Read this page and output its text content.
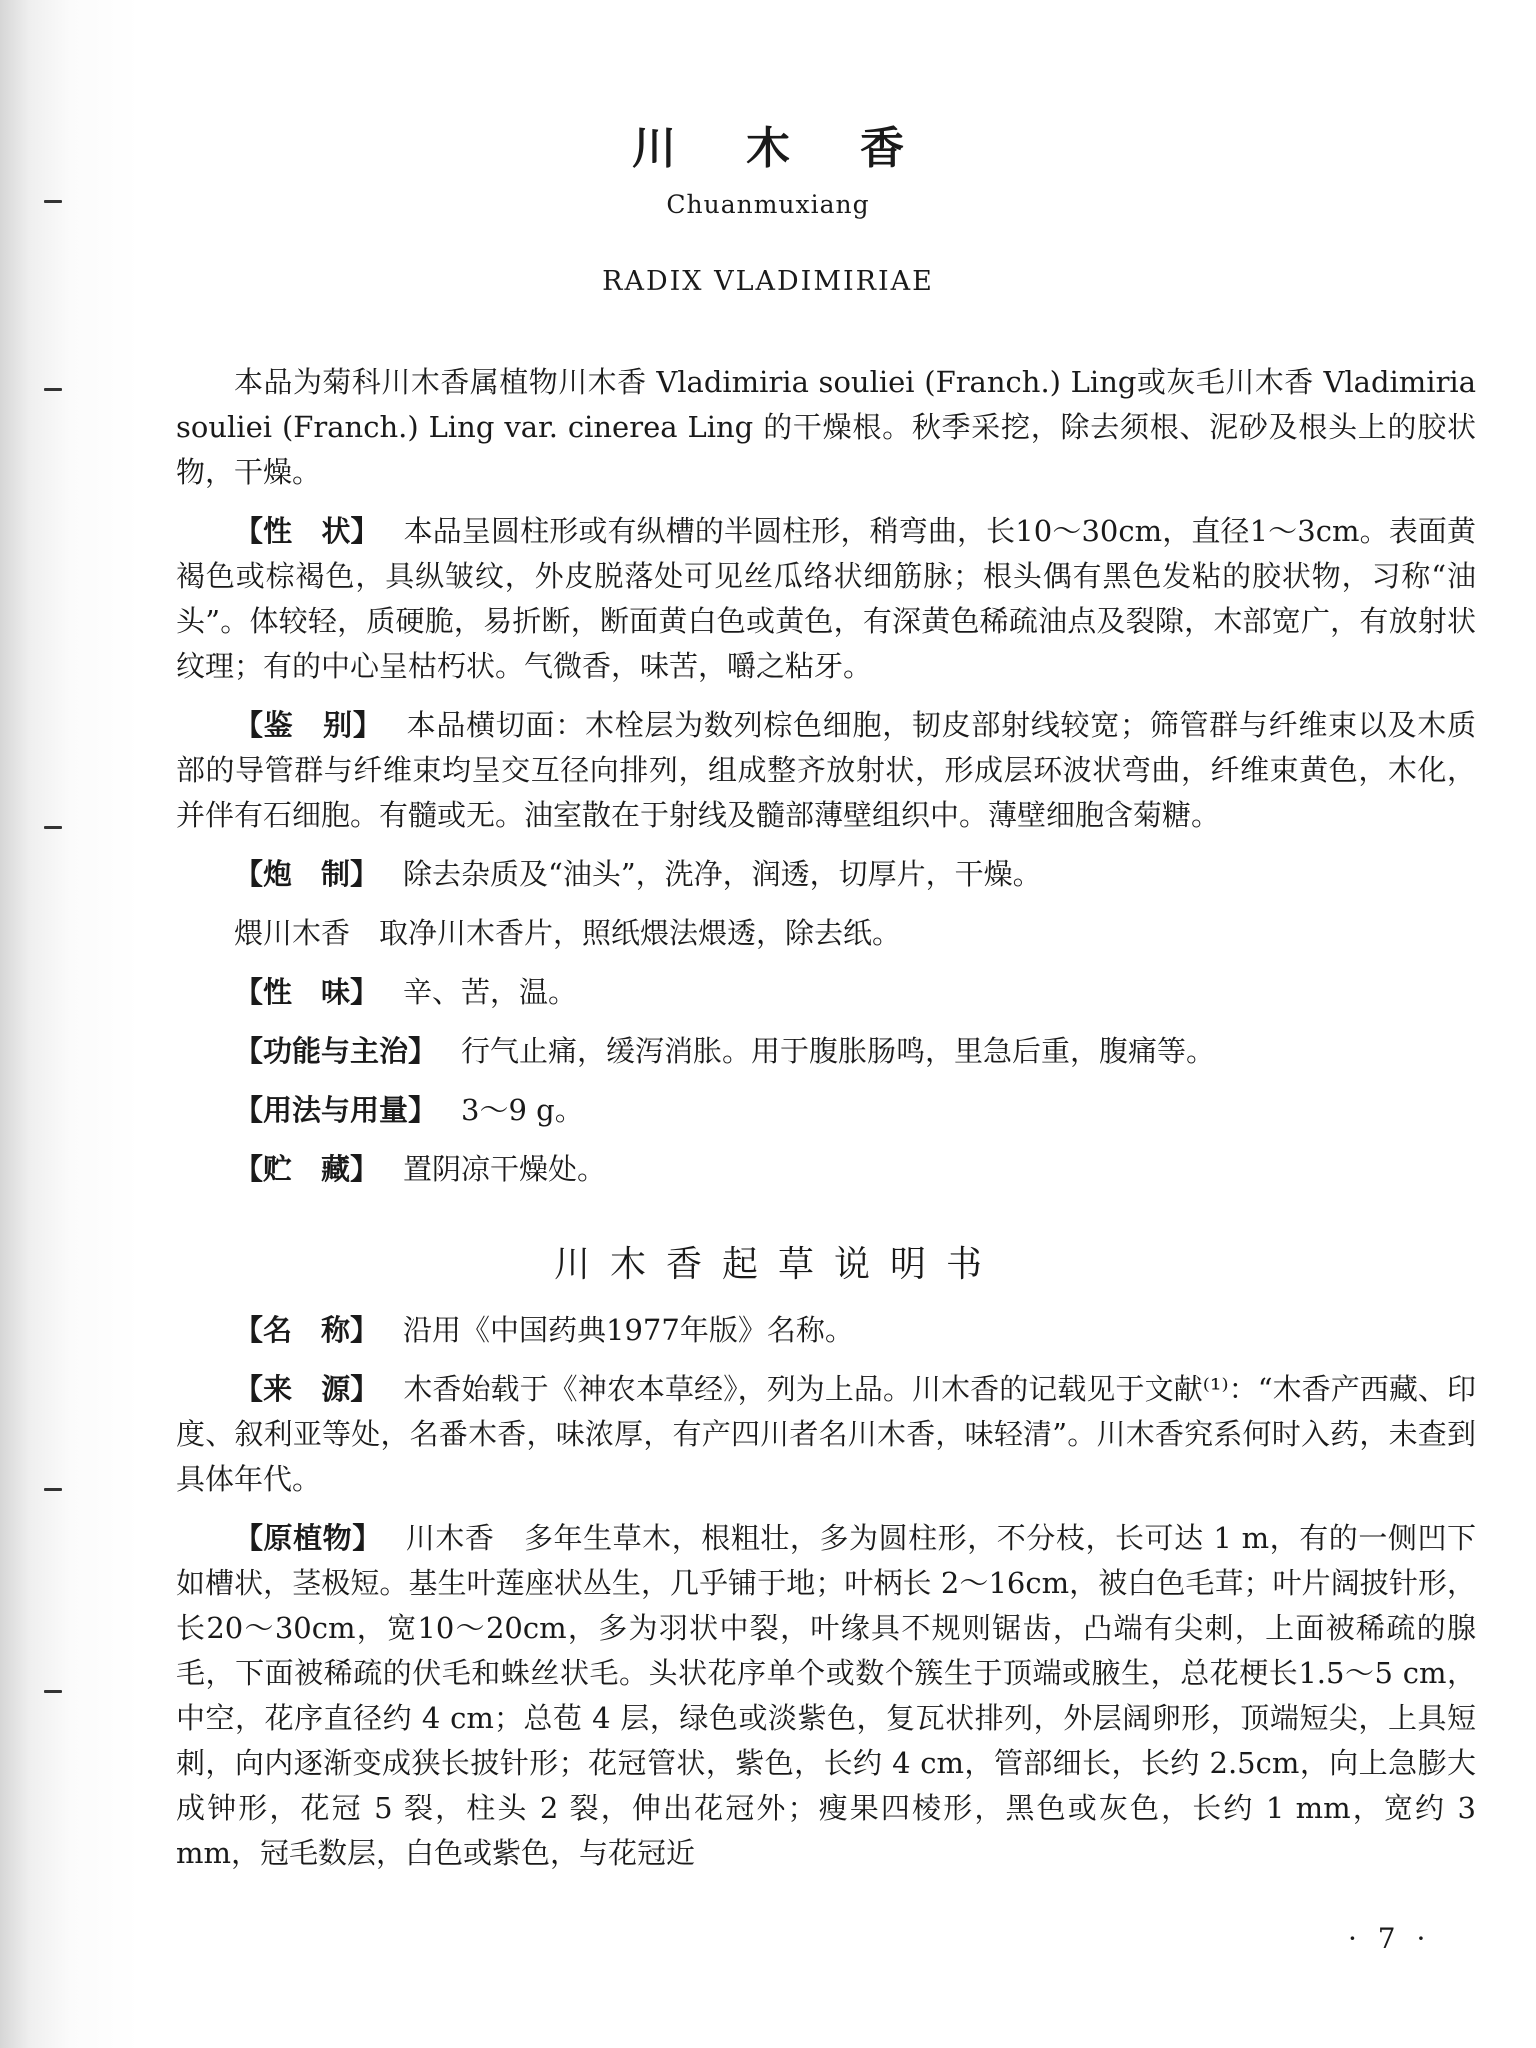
川木香
Chuanmuxiang
RADIX VLADIMIRIAE

本品为菊科川木香属植物川木香 Vladimiria souliei (Franch.) Ling或灰毛川木香 Vladimiria souliei (Franch.) Ling var. cinerea Ling 的干燥根。秋季采挖，除去须根、泥砂及根头上的胶状物，干燥。

【性　状】 本品呈圆柱形或有纵槽的半圆柱形，稍弯曲，长10～30cm，直径1～3cm。表面黄褐色或棕褐色，具纵皱纹，外皮脱落处可见丝瓜络状细筋脉；根头偶有黑色发粘的胶状物，习称“油头”。体较轻，质硬脆，易折断，断面黄白色或黄色，有深黄色稀疏油点及裂隙，木部宽广，有放射状纹理；有的中心呈枯朽状。气微香，味苦，嚼之粘牙。

【鉴　别】 本品横切面：木栓层为数列棕色细胞，韧皮部射线较宽；筛管群与纤维束以及木质部的导管群与纤维束均呈交互径向排列，组成整齐放射状，形成层环波状弯曲，纤维束黄色，木化，并伴有石细胞。有髓或无。油室散在于射线及髓部薄壁组织中。薄壁细胞含菊糖。

【炮　制】 除去杂质及“油头”，洗净，润透，切厚片，干燥。

煨川木香　取净川木香片，照纸煨法煨透，除去纸。

【性　味】 辛、苦，温。

【功能与主治】 行气止痛，缓泻消胀。用于腹胀肠鸣，里急后重，腹痛等。

【用法与用量】 3～9 g。

【贮　藏】 置阴凉干燥处。

川木香起草说明书

【名　称】 沿用《中国药典1977年版》名称。

【来　源】 木香始载于《神农本草经》，列为上品。川木香的记载见于文献⁽¹⁾：“木香产西藏、印度、叙利亚等处，名番木香，味浓厚，有产四川者名川木香，味轻清”。川木香究系何时入药，未查到具体年代。

【原植物】 川木香　多年生草木，根粗壮，多为圆柱形，不分枝，长可达 1 m，有的一侧凹下如槽状，茎极短。基生叶莲座状丛生，几乎铺于地；叶柄长 2～16cm，被白色毛茸；叶片阔披针形，长20～30cm，宽10～20cm，多为羽状中裂，叶缘具不规则锯齿，凸端有尖刺，上面被稀疏的腺毛，下面被稀疏的伏毛和蛛丝状毛。头状花序单个或数个簇生于顶端或腋生，总花梗长1.5～5 cm，中空，花序直径约 4 cm；总苞 4 层，绿色或淡紫色，复瓦状排列，外层阔卵形，顶端短尖，上具短刺，向内逐渐变成狭长披针形；花冠管状，紫色，长约 4 cm，管部细长，长约 2.5cm，向上急膨大成钟形，花冠 5 裂，柱头 2 裂，伸出花冠外；瘦果四棱形，黑色或灰色，长约 1 mm，宽约 3 mm，冠毛数层，白色或紫色，与花冠近

· 7 ·
